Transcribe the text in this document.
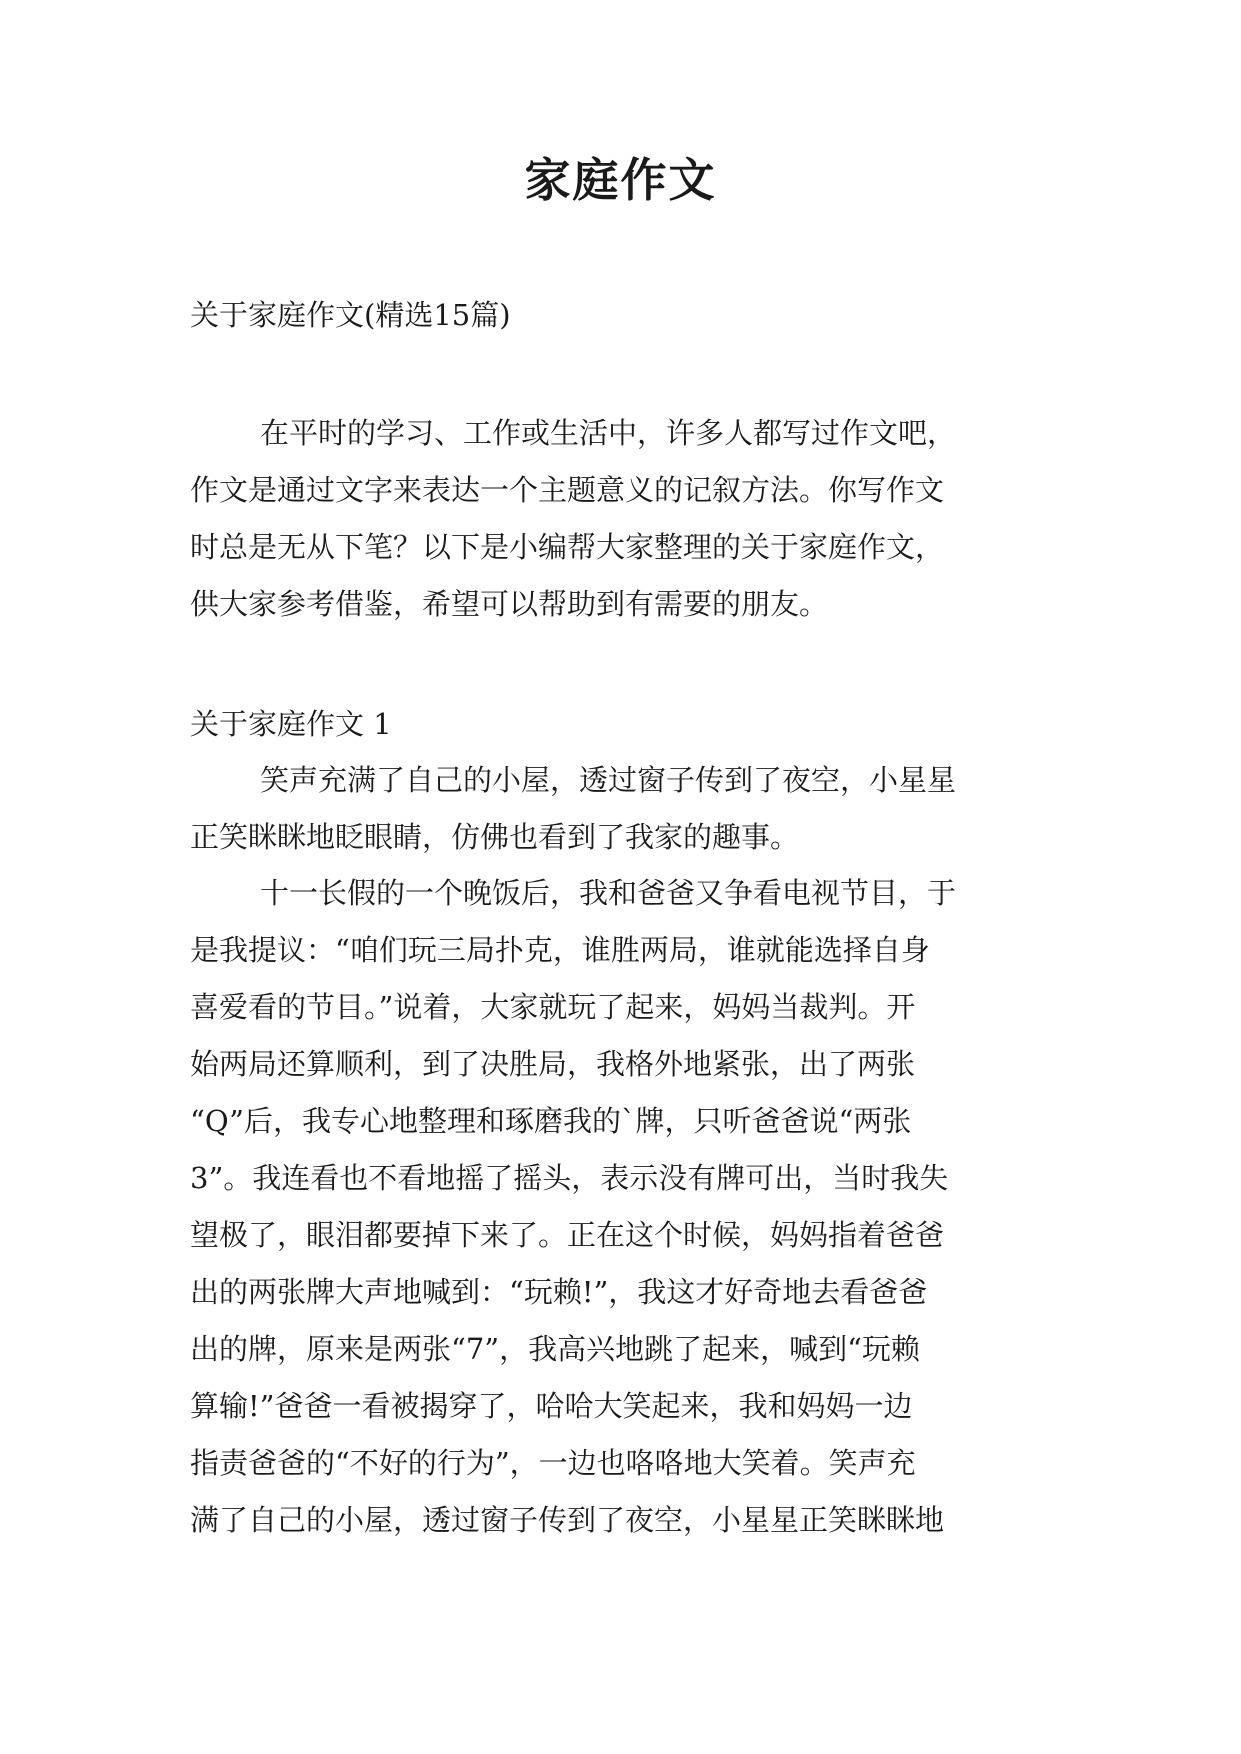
家庭作文
关于家庭作文(精选15篇)
在平时的学习、工作或生活中，许多人都写过作文吧，
作文是通过文字来表达一个主题意义的记叙方法。你写作文
时总是无从下笔？以下是小编帮大家整理的关于家庭作文，
供大家参考借鉴，希望可以帮助到有需要的朋友。
关于家庭作文 1
笑声充满了自己的小屋，透过窗子传到了夜空，小星星
正笑眯眯地眨眼睛，仿佛也看到了我家的趣事。
十一长假的一个晚饭后，我和爸爸又争看电视节目，于
是我提议：“咱们玩三局扑克，谁胜两局，谁就能选择自身
喜爱看的节目。”说着，大家就玩了起来，妈妈当裁判。开
始两局还算顺利，到了决胜局，我格外地紧张，出了两张
“Q”后，我专心地整理和琢磨我的`牌，只听爸爸说“两张
3”。我连看也不看地摇了摇头，表示没有牌可出，当时我失
望极了，眼泪都要掉下来了。正在这个时候，妈妈指着爸爸
出的两张牌大声地喊到：“玩赖!”，我这才好奇地去看爸爸
出的牌，原来是两张“7”，我高兴地跳了起来，喊到“玩赖
算输!”爸爸一看被揭穿了，哈哈大笑起来，我和妈妈一边
指责爸爸的“不好的行为”，一边也咯咯地大笑着。笑声充
满了自己的小屋，透过窗子传到了夜空，小星星正笑眯眯地
